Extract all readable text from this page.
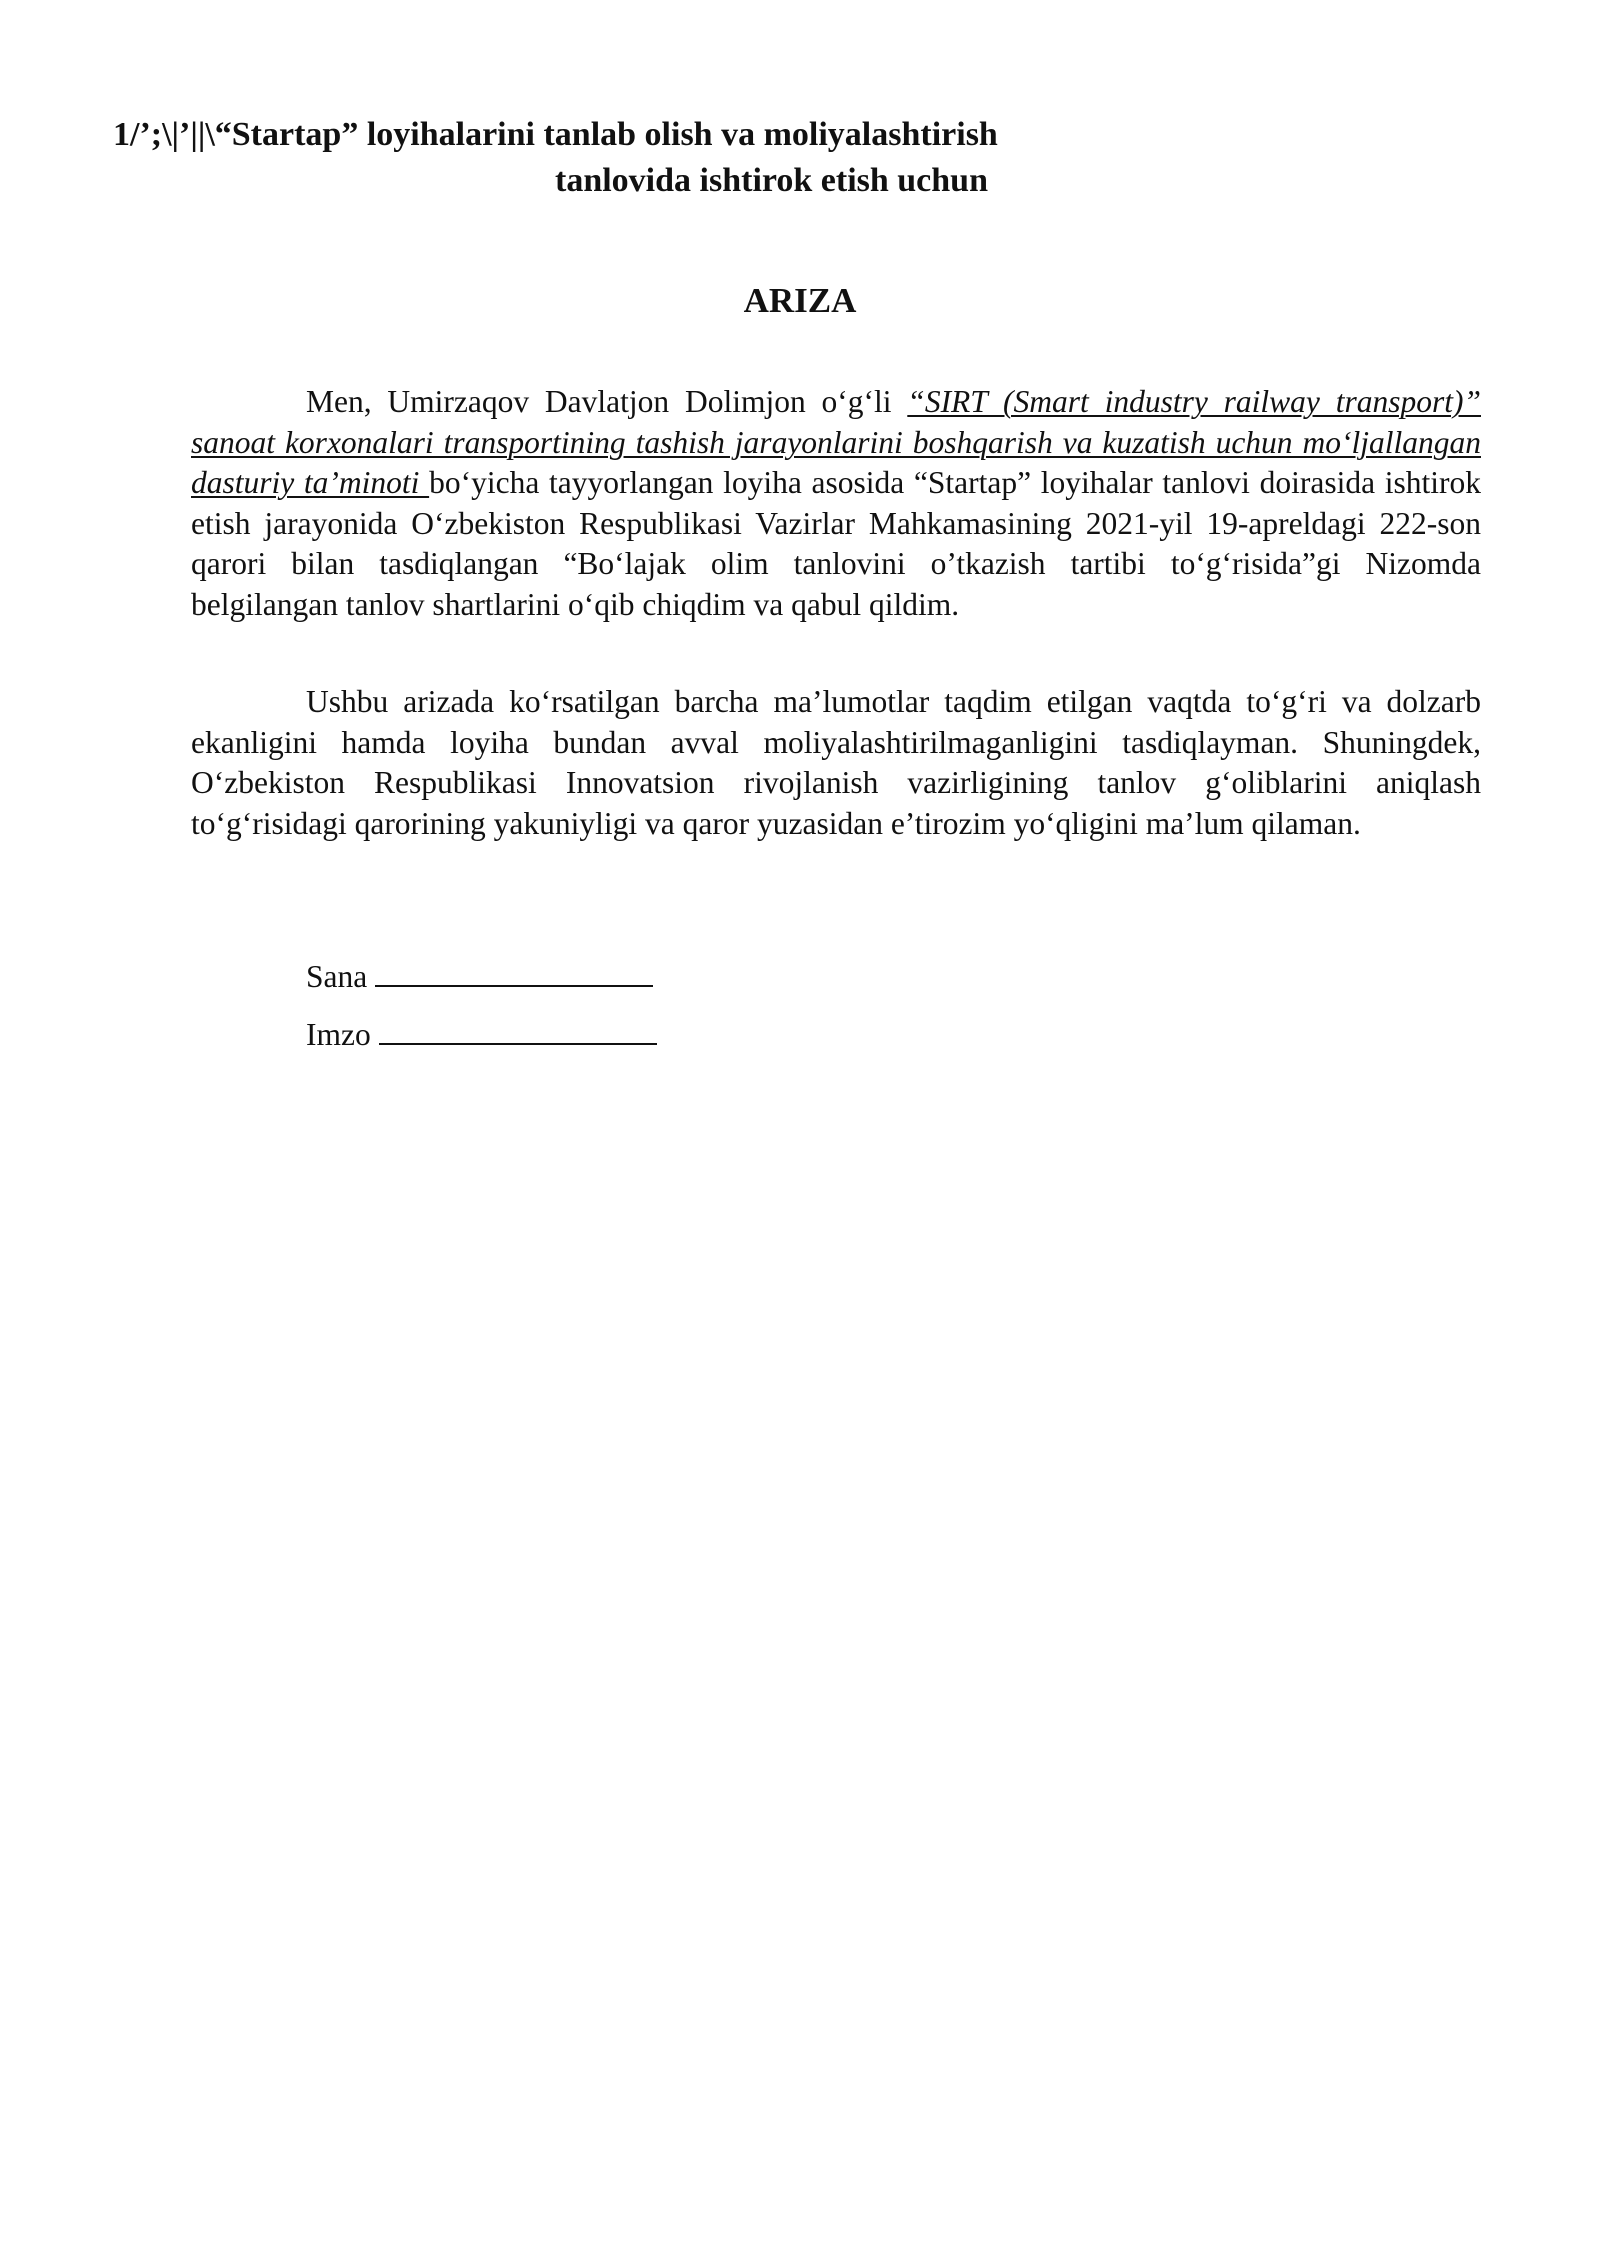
1/’;\|’||\“Startap” loyihalarini tanlab olish va moliyalashtirish
tanlovida ishtirok etish uchun
ARIZA
Men, Umirzaqov Davlatjon Dolimjon o‘g‘li “SIRT (Smart industry railway transport)” sanoat korxonalari transportining tashish jarayonlarini boshqarish va kuzatish uchun mo‘ljallangan dasturiy ta’minoti bo‘yicha tayyorlangan loyiha asosida “Startap” loyihalar tanlovi doirasida ishtirok etish jarayonida O‘zbekiston Respublikasi Vazirlar Mahkamasining 2021-yil 19-apreldagi 222-son qarori bilan tasdiqlangan “Bo‘lajak olim tanlovini o’tkazish tartibi to‘g‘risida”gi Nizomda belgilangan tanlov shartlarini o‘qib chiqdim va qabul qildim.
Ushbu arizada ko‘rsatilgan barcha ma’lumotlar taqdim etilgan vaqtda to‘g‘ri va dolzarb ekanligini hamda loyiha bundan avval moliyalashtirilmaganligini tasdiqlayman. Shuningdek, O‘zbekiston Respublikasi Innovatsion rivojlanish vazirligining tanlov g‘oliblarini aniqlash to‘g‘risidagi qarorining yakuniyligi va qaror yuzasidan e’tirozim yo‘qligini ma’lum qilaman.
Sana
Imzo
